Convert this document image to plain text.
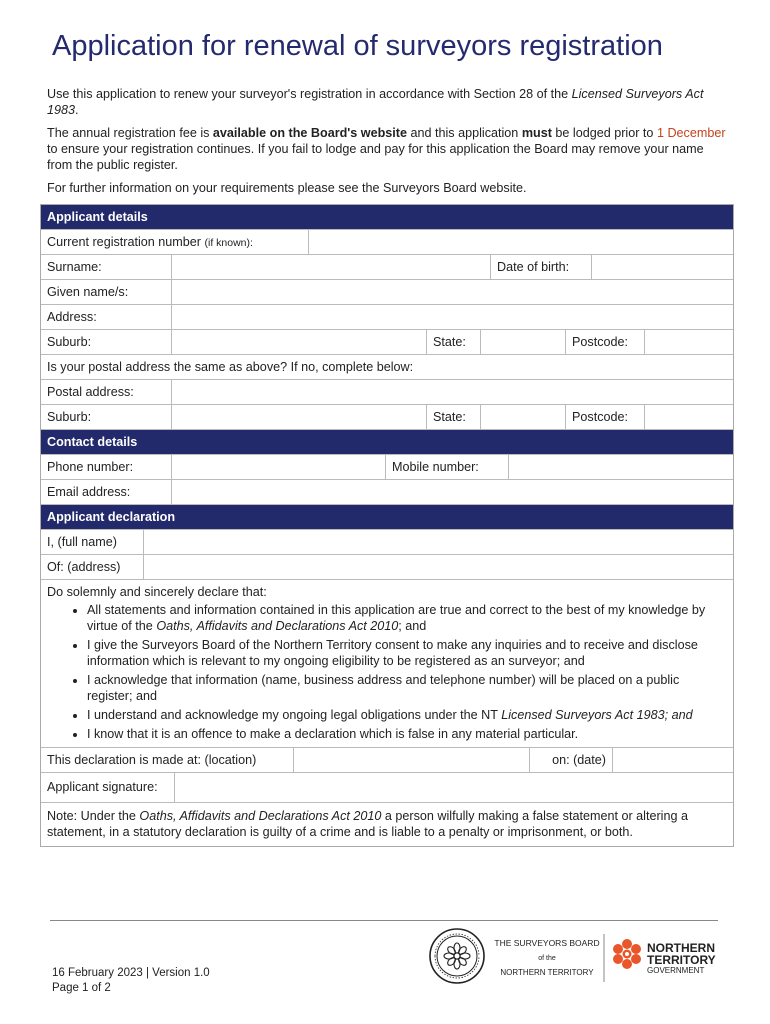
Application for renewal of surveyors registration

Use this application to renew your surveyor's registration in accordance with Section 28 of the Licensed Surveyors Act 1983.

The annual registration fee is available on the Board's website and this application must be lodged prior to 1 December to ensure your registration continues. If you fail to lodge and pay for this application the Board may remove your name from the public register.

For further information on your requirements please see the Surveyors Board website.

Applicant details
Current registration number (if known):
Surname:	Date of birth:
Given name/s:
Address:
Suburb:	State:	Postcode:
Is your postal address the same as above? If no, complete below:
Postal address:
Suburb:	State:	Postcode:
Contact details
Phone number:	Mobile number:
Email address:
Applicant declaration
I, (full name)
Of: (address)
Do solemnly and sincerely declare that:
• All statements and information contained in this application are true and correct to the best of my knowledge by virtue of the Oaths, Affidavits and Declarations Act 2010; and
• I give the Surveyors Board of the Northern Territory consent to make any inquiries and to receive and disclose information which is relevant to my ongoing eligibility to be registered as an surveyor; and
• I acknowledge that information (name, business address and telephone number) will be placed on a public register; and
• I understand and acknowledge my ongoing legal obligations under the NT Licensed Surveyors Act 1983; and
• I know that it is an offence to make a declaration which is false in any material particular.
This declaration is made at: (location)	on: (date)
Applicant signature:
Note: Under the Oaths, Affidavits and Declarations Act 2010 a person wilfully making a false statement or altering a statement, in a statutory declaration is guilty of a crime and is liable to a penalty or imprisonment, or both.
16 February 2023 | Version 1.0
Page 1 of 2
THE SURVEYORS BOARD
of the
NORTHERN TERRITORY
NORTHERN
TERRITORY
GOVERNMENT
